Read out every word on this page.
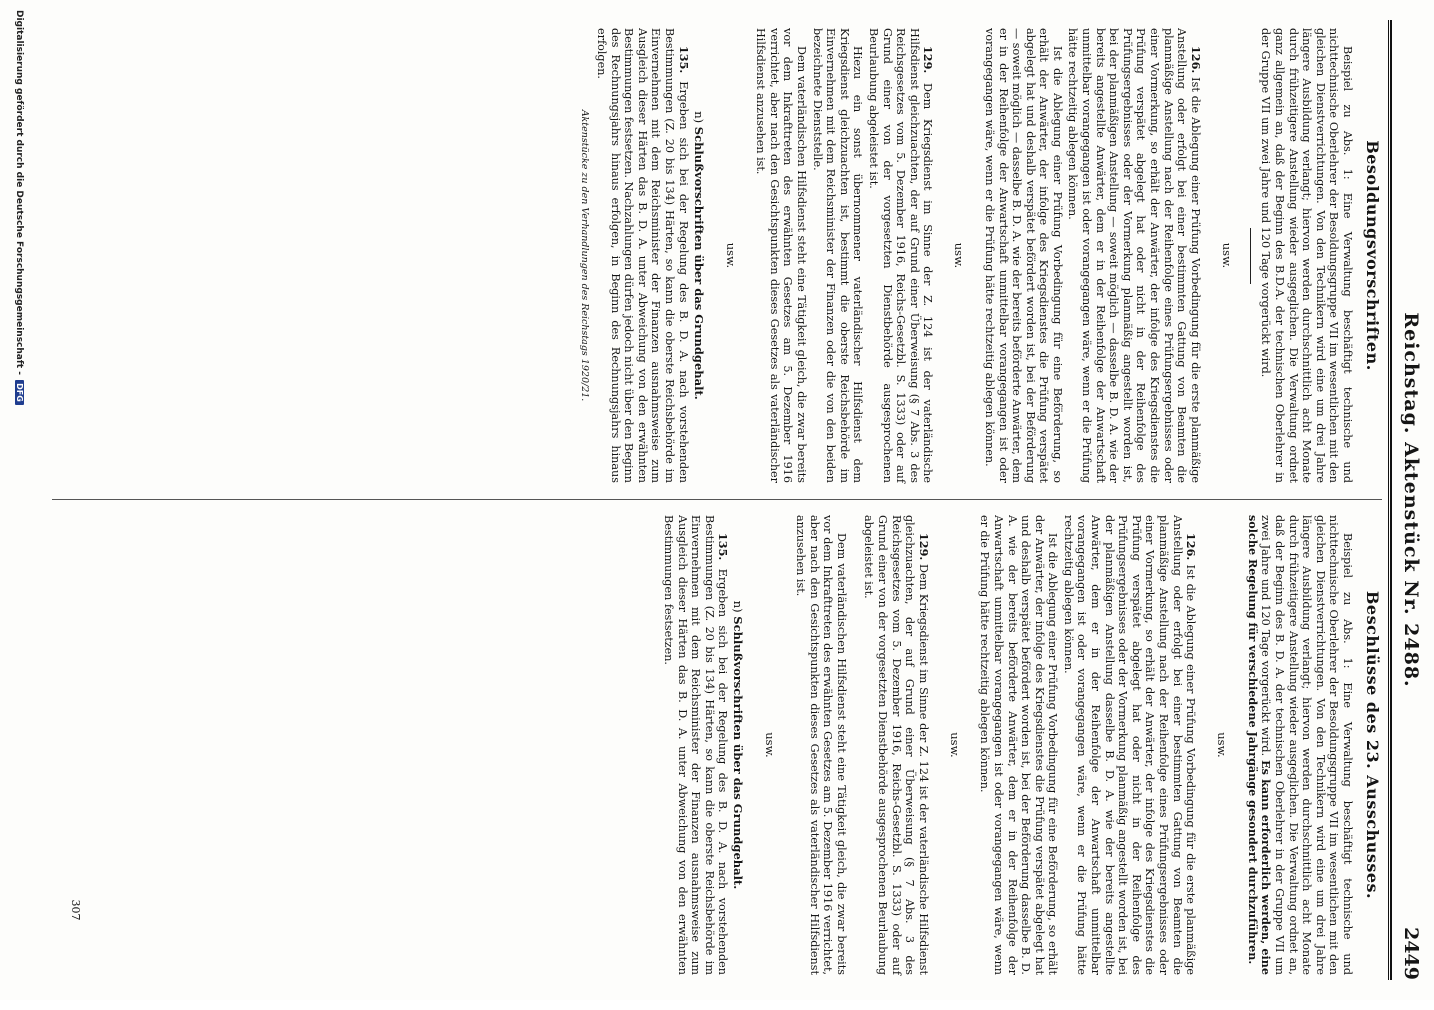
Reichstag. Aktenstück Nr. 2488.
2449
Besoldungsvorschriften.

Beispiel zu Abs. 1: Eine Verwaltung beschäftigt technische und nichttechnische Oberlehrer der Besoldungsgruppe VII im wesentlichen mit den gleichen Dienstverrichtungen. Von den Technikern wird eine um drei Jahre längere Ausbildung verlangt; hiervon werden durchschnittlich acht Monate durch frühzeitigere Anstellung wieder ausgeglichen. Die Verwaltung ordnet ganz allgemein an, daß der Beginn des B.D.A. der technischen Oberlehrer in der Gruppe VII um zwei Jahre und 120 Tage vorgerückt wird.

usw.

126. Ist die Ablegung einer Prüfung Vorbedingung für die erste planmäßige Anstellung oder erfolgt bei einer bestimmten Gattung von Beamten die planmäßige Anstellung nach der Reihenfolge eines Prüfungsergebnisses oder einer Vormerkung, so erhält der Anwärter, der infolge des Kriegsdienstes die Prüfung verspätet abgelegt hat oder nicht in der Reihenfolge des Prüfungsergebnisses oder der Vormerkung planmäßig angestellt worden ist, bei der planmäßigen Anstellung — soweit möglich — dasselbe B. D. A. wie der bereits angestellte Anwärter, dem er in der Reihenfolge der Anwartschaft unmittelbar vorangegangen ist oder vorangegangen wäre, wenn er die Prüfung hätte rechtzeitig ablegen können.

Ist die Ablegung einer Prüfung Vorbedingung für eine Beförderung, so erhält der Anwärter, der infolge des Kriegsdienstes die Prüfung verspätet abgelegt hat und deshalb verspätet befördert worden ist, bei der Beförderung — soweit möglich — dasselbe B. D. A. wie der bereits beförderte Anwärter, dem er in der Reihenfolge der Anwartschaft unmittelbar vorangegangen ist oder vorangegangen wäre, wenn er die Prüfung hätte rechtzeitig ablegen können.

usw.

129. Dem Kriegsdienst im Sinne der Z. 124 ist der vaterländische Hilfsdienst gleichzuachten, der auf Grund einer Überweisung (§ 7 Abs. 3 des Reichsgesetzes vom 5. Dezember 1916, Reichs-Gesetzbl. S. 1333) oder auf Grund einer von der vorgesetzten Dienstbehörde ausgesprochenen Beurlaubung abgeleistet ist.

Hiezu ein sonst übernommener vaterländischer Hilfsdienst dem Kriegsdienst gleichzuachten ist, bestimmt die oberste Reichsbehörde im Einvernehmen mit dem Reichsminister der Finanzen oder die von den beiden bezeichnete Dienststelle.

Dem vaterländischen Hilfsdienst steht eine Tätigkeit gleich, die zwar bereits vor dem Inkrafttreten des erwähnten Gesetzes am 5. Dezember 1916 verrichtet, aber nach den Gesichtspunkten dieses Gesetzes als vaterländischer Hilfsdienst anzusehen ist.

usw.
n) Schlußvorschriften über das Grundgehalt.

135. Ergeben sich bei der Regelung des B. D. A. nach vorstehenden Bestimmungen (Z. 20 bis 134) Härten, so kann die oberste Reichsbehörde im Einvernehmen mit dem Reichsminister der Finanzen ausnahmsweise zum Ausgleich dieser Härten das B. D. A. unter Abweichung von den erwähnten Bestimmungen festsetzen. Nachzahlungen dürfen jedoch nicht über den Beginn des Rechnungsjahrs hinaus erfolgen, in Beginn des Rechnungsjahrs hinaus erfolgen.

Aktenstücke zu den Verhandlungen des Reichstags 1920/21.
Beschlüsse des 23. Ausschusses.

Beispiel zu Abs. 1: Eine Verwaltung beschäftigt technische und nichttechnische Oberlehrer der Besoldungsgruppe VII im wesentlichen mit den gleichen Dienstverrichtungen. Von den Technikern wird eine um drei Jahre längere Ausbildung verlangt; hiervon werden durchschnittlich acht Monate durch frühzeitigere Anstellung wieder ausgeglichen. Die Verwaltung ordnet an, daß der Beginn des B. D. A. der technischen Oberlehrer in der Gruppe VII um zwei Jahre und 120 Tage vorgerückt wird. Es kann erforderlich werden, eine solche Regelung für verschiedene Jahrgänge gesondert durchzuführen.

usw.

126. Ist die Ablegung einer Prüfung Vorbedingung für die erste planmäßige Anstellung oder erfolgt bei einer bestimmten Gattung von Beamten die planmäßige Anstellung nach der Reihenfolge eines Prüfungsergebnisses oder einer Vormerkung, so erhält der Anwärter, der infolge des Kriegsdienstes die Prüfung verspätet abgelegt hat oder nicht in der Reihenfolge des Prüfungsergebnisses oder der Vormerkung planmäßig angestellt worden ist, bei der planmäßigen Anstellung dasselbe B. D. A. wie der bereits angestellte Anwärter, dem er in der Reihenfolge der Anwartschaft unmittelbar vorangegangen ist oder vorangegangen wäre, wenn er die Prüfung hätte rechtzeitig ablegen können.

Ist die Ablegung einer Prüfung Vorbedingung für eine Beförderung, so erhält der Anwärter, der infolge des Kriegsdienstes die Prüfung verspätet abgelegt hat und deshalb verspätet befördert worden ist, bei der Beförderung dasselbe B. D. A. wie der bereits beförderte Anwärter, dem er in der Reihenfolge der Anwartschaft unmittelbar vorangegangen ist oder vorangegangen wäre, wenn er die Prüfung hätte rechtzeitig ablegen können.

usw.

129. Dem Kriegsdienst im Sinne der Z. 124 ist der vaterländische Hilfsdienst gleichzuachten, der auf Grund einer Überweisung (§ 7 Abs. 3 des Reichsgesetzes vom 5. Dezember 1916, Reichs-Gesetzbl. S. 1333) oder auf Grund einer von der vorgesetzten Dienstbehörde ausgesprochenen Beurlaubung abgeleistet ist.

Dem vaterländischen Hilfsdienst steht eine Tätigkeit gleich, die zwar bereits vor dem Inkrafttreten des erwähnten Gesetzes am 5. Dezember 1916 verrichtet, aber nach den Gesichtspunkten dieses Gesetzes als vaterländischer Hilfsdienst anzusehen ist.

usw.
n) Schlußvorschriften über das Grundgehalt.

135. Ergeben sich bei der Regelung des B. D. A. nach vorstehenden Bestimmungen (Z. 20 bis 134) Härten, so kann die oberste Reichsbehörde im Einvernehmen mit dem Reichsminister der Finanzen ausnahmsweise zum Ausgleich dieser Härten das B. D. A. unter Abweichung von den erwähnten Bestimmungen festsetzen.

307
Digitalisierung gefördert durch die Deutsche Forschungsgemeinschaft - DFG
